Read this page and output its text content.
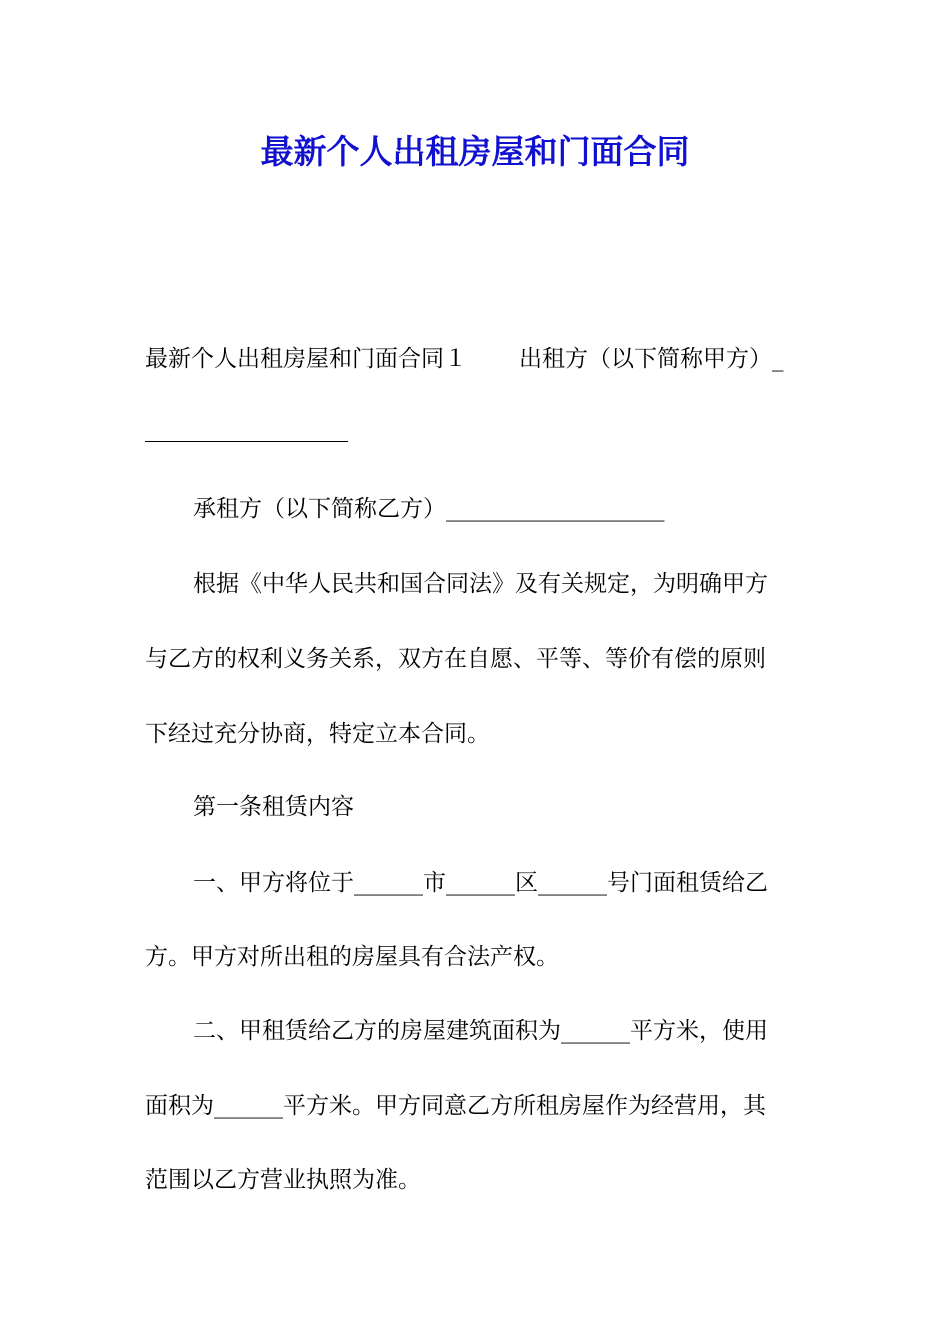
最新个人出租房屋和门面合同
最新个人出租房屋和门面合同１ 出租方（以下简称甲方）_
承租方（以下简称乙方）___________________
根据《中华人民共和国合同法》及有关规定，为明确甲方
与乙方的权利义务关系，双方在自愿、平等、等价有偿的原则
下经过充分协商，特定立本合同。
第一条租赁内容
一、甲方将位于______市______区______号门面租赁给乙
方。甲方对所出租的房屋具有合法产权。
二、甲租赁给乙方的房屋建筑面积为______平方米，使用
面积为______平方米。甲方同意乙方所租房屋作为经营用，其
范围以乙方营业执照为准。
